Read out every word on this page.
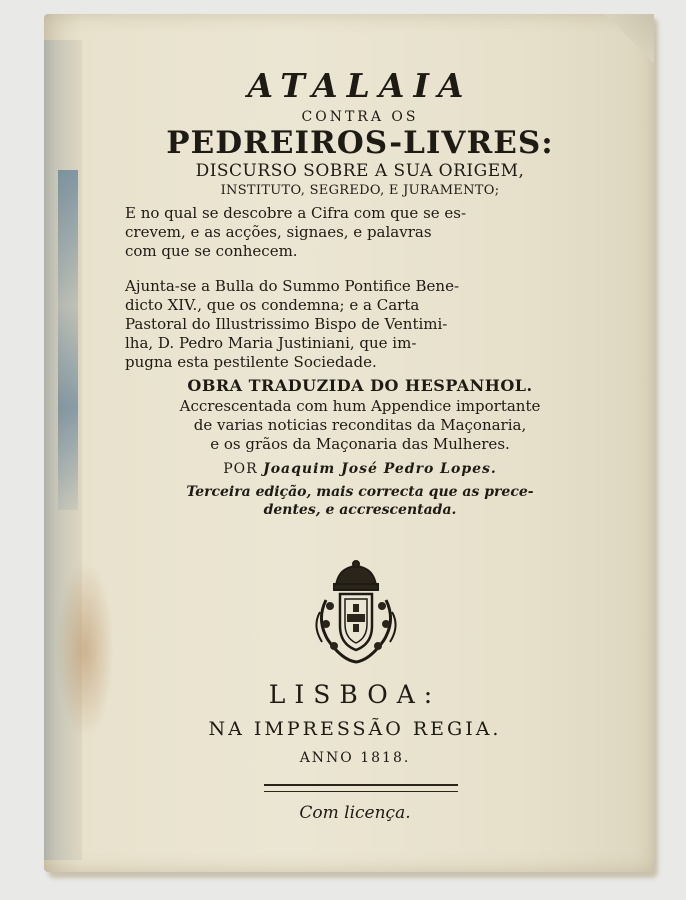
ATALAIA
CONTRA OS
PEDREIROS-LIVRES:
DISCURSO SOBRE A SUA ORIGEM,
INSTITUTO, SEGREDO, E JURAMENTO;
E no qual se descobre a Cifra com que se es-
crevem, e as acções, signaes, e palavras
com que se conhecem.
Ajunta-se a Bulla do Summo Pontifice Bene-
dicto XIV., que os condemna; e a Carta
Pastoral do Illustrissimo Bispo de Ventimi-
lha, D. Pedro Maria Justiniani, que im-
pugna esta pestilente Sociedade.
OBRA TRADUZIDA DO HESPANHOL.
Accrescentada com hum Appendice importante
de varias noticias reconditas da Maçonaria,
e os grãos da Maçonaria das Mulheres.
POR Joaquim José Pedro Lopes.
Terceira edição, mais correcta que as prece-
dentes, e accrescentada.
LISBOA:
NA IMPRESSÃO REGIA.
ANNO 1818.
Com licença.
